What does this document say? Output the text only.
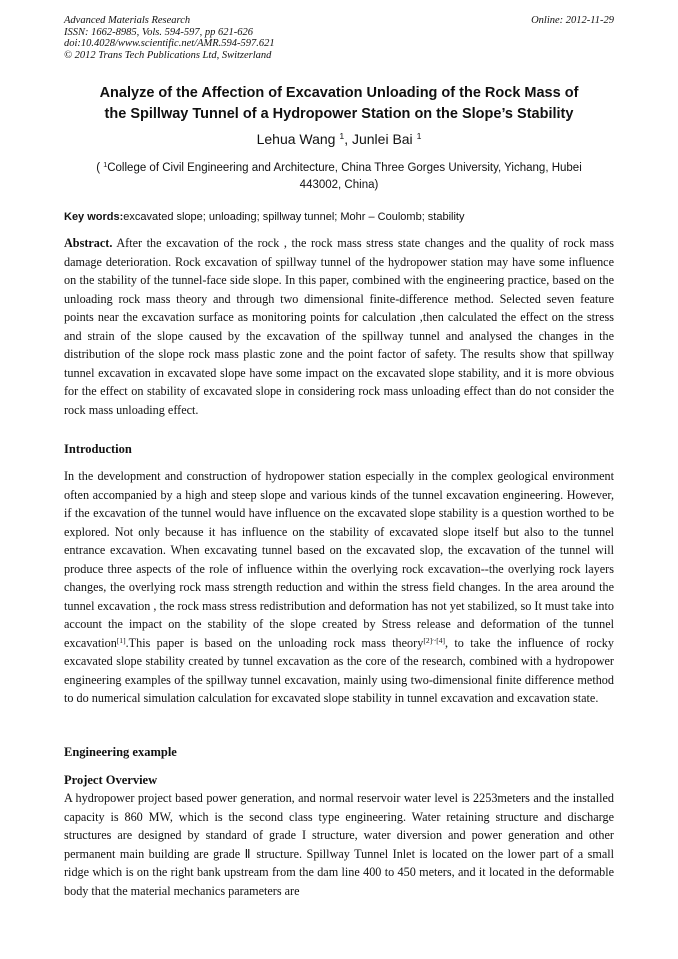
Advanced Materials Research
ISSN: 1662-8985, Vols. 594-597, pp 621-626
doi:10.4028/www.scientific.net/AMR.594-597.621
© 2012 Trans Tech Publications Ltd, Switzerland
Online: 2012-11-29
Analyze of the Affection of Excavation Unloading of the Rock Mass of
the Spillway Tunnel of a Hydropower Station on the Slope’s Stability
Lehua Wang $^1$, Junlei Bai $^1$
( $^1$College of Civil Engineering and Architecture, China Three Gorges University, Yichang, Hubei
443002, China)
Key words:excavated slope; unloading; spillway tunnel; Mohr – Coulomb; stability

Abstract. After the excavation of the rock , the rock mass stress state changes and the quality of rock mass damage deterioration. Rock excavation of spillway tunnel of the hydropower station may have some influence on the stability of the tunnel-face side slope. In this paper, combined with the engineering practice, based on the unloading rock mass theory and through two dimensional finite-difference method. Selected seven feature points near the excavation surface as monitoring points for calculation ,then calculated the effect on the stress and strain of the slope caused by the excavation of the spillway tunnel and analysed the changes in the distribution of the slope rock mass plastic zone and the point factor of safety. The results show that spillway tunnel excavation in excavated slope have some impact on the excavated slope stability, and it is more obvious for the effect on stability of excavated slope in considering rock mass unloading effect than do not consider the rock mass unloading effect.

Introduction

In the development and construction of hydropower station especially in the complex geological environment often accompanied by a high and steep slope and various kinds of the tunnel excavation engineering. However, if the excavation of the tunnel would have influence on the excavated slope stability is a question worthed to be explored. Not only because it has influence on the stability of excavated slope itself but also to the tunnel entrance excavation. When excavating tunnel based on the excavated slop, the excavation of the tunnel will produce three aspects of the role of influence within the overlying rock excavation--the overlying rock layers changes, the overlying rock mass strength reduction and within the stress field changes. In the area around the tunnel excavation , the rock mass stress redistribution and deformation has not yet stabilized, so It must take into account the impact on the stability of the slope created by Stress release and deformation of the tunnel excavation[1].This paper is based on the unloading rock mass theory[2]~[4], to take the influence of rocky excavated slope stability created by tunnel excavation as the core of the research, combined with a hydropower engineering examples of the spillway tunnel excavation, mainly using two-dimensional finite difference method to do numerical simulation calculation for excavated slope stability in tunnel excavation and excavation state.

Engineering example
Project Overview

A hydropower project based power generation, and normal reservoir water level is 2253meters and the installed capacity is 860 MW, which is the second class type engineering. Water retaining structure and discharge structures are designed by standard of grade I structure, water diversion and power generation and other permanent main building are grade Ⅱ structure. Spillway Tunnel Inlet is located on the lower part of a small ridge which is on the right bank upstream from the dam line 400 to 450 meters, and it located in the deformable body that the material mechanics parameters are
